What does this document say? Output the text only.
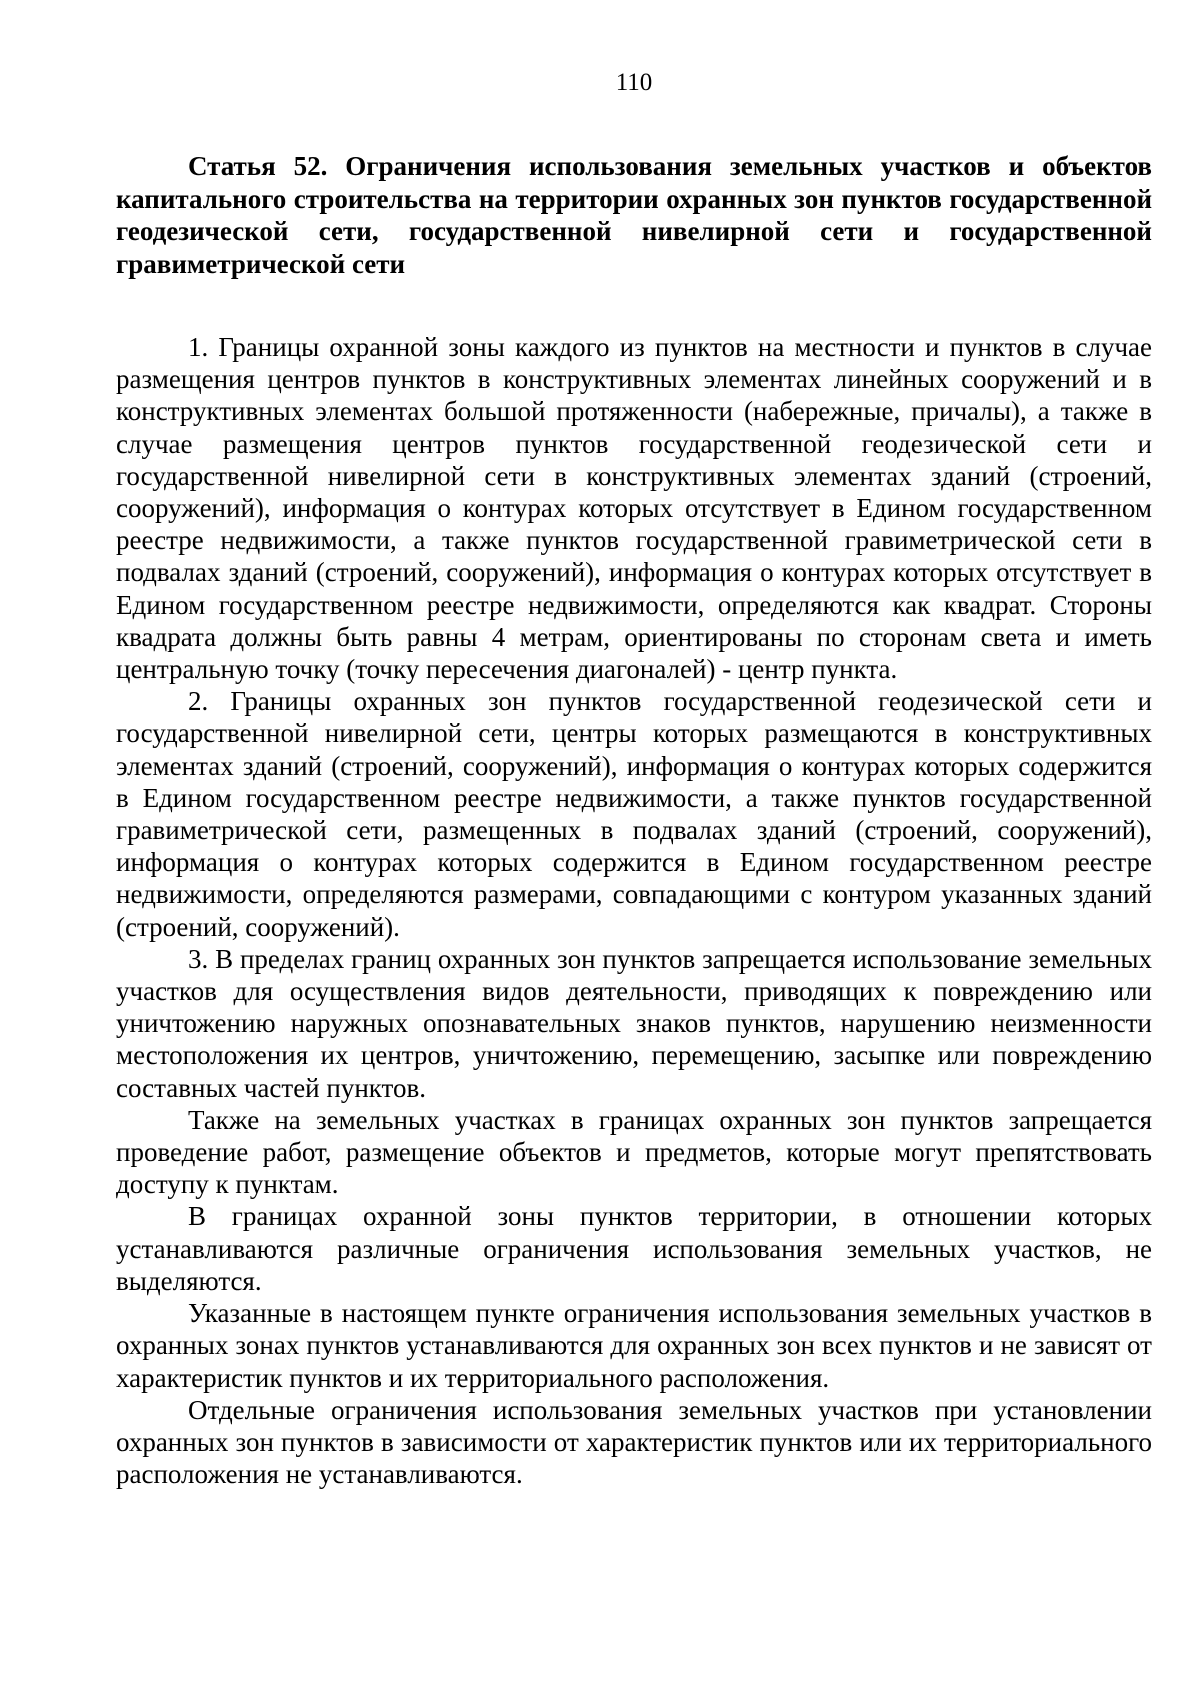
110
Статья 52. Ограничения использования земельных участков и объектов капитального строительства на территории охранных зон пунктов государственной геодезической сети, государственной нивелирной сети и государственной гравиметрической сети

1. Границы охранной зоны каждого из пунктов на местности и пунктов в случае размещения центров пунктов в конструктивных элементах линейных сооружений и в конструктивных элементах большой протяженности (набережные, причалы), а также в случае размещения центров пунктов государственной геодезической сети и государственной нивелирной сети в конструктивных элементах зданий (строений, сооружений), информация о контурах которых отсутствует в Едином государственном реестре недвижимости, а также пунктов государственной гравиметрической сети в подвалах зданий (строений, сооружений), информация о контурах которых отсутствует в Едином государственном реестре недвижимости, определяются как квадрат. Стороны квадрата должны быть равны 4 метрам, ориентированы по сторонам света и иметь центральную точку (точку пересечения диагоналей) - центр пункта.

2. Границы охранных зон пунктов государственной геодезической сети и государственной нивелирной сети, центры которых размещаются в конструктивных элементах зданий (строений, сооружений), информация о контурах которых содержится в Едином государственном реестре недвижимости, а также пунктов государственной гравиметрической сети, размещенных в подвалах зданий (строений, сооружений), информация о контурах которых содержится в Едином государственном реестре недвижимости, определяются размерами, совпадающими с контуром указанных зданий (строений, сооружений).

3. В пределах границ охранных зон пунктов запрещается использование земельных участков для осуществления видов деятельности, приводящих к повреждению или уничтожению наружных опознавательных знаков пунктов, нарушению неизменности местоположения их центров, уничтожению, перемещению, засыпке или повреждению составных частей пунктов.

Также на земельных участках в границах охранных зон пунктов запрещается проведение работ, размещение объектов и предметов, которые могут препятствовать доступу к пунктам.

В границах охранной зоны пунктов территории, в отношении которых устанавливаются различные ограничения использования земельных участков, не выделяются.

Указанные в настоящем пункте ограничения использования земельных участков в охранных зонах пунктов устанавливаются для охранных зон всех пунктов и не зависят от характеристик пунктов и их территориального расположения.

Отдельные ограничения использования земельных участков при установлении охранных зон пунктов в зависимости от характеристик пунктов или их территориального расположения не устанавливаются.
